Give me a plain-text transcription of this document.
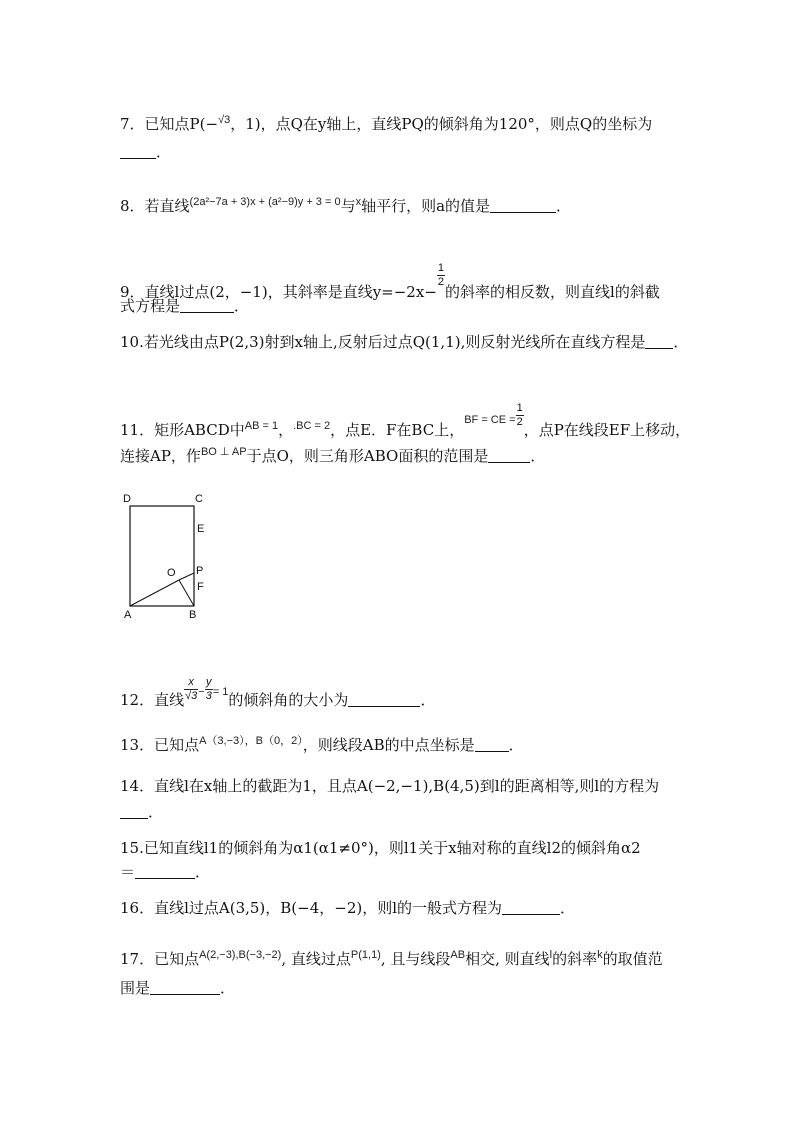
7．已知点P(−$^{√3}$，1)，点Q在y轴上，直线PQ的倾斜角为120°，则点Q的坐标为
．
8．若直线$^{(2a^2-7a + 3)x + (a^2-9)y + 3 = 0}$与$^x$轴平行，则a的值是	．
9．直线l过点(2，−1)，其斜率是直线y=−2x−
$\frac{1}{2}$
的斜率的相反数，则直线l的斜截
式方程是	．
10.若光线由点P(2,3)射到x轴上,反射后过点Q(1,1),则反射光线所在直线方程是 ．
11．矩形ABCD中$^{AB = 1}$，$^{.BC = 2}$，点E．F在BC上，$^{BF = CE =} \frac{1}{2}$
，点P在线段EF上移动，
连接AP，作$^{BO \perp AP}$于点O，则三角形ABO面积的范围是	．
D	C
E
O P
F
A	B
12．直线 $\frac{x}{√3} ^- \frac{y}{3} ^{= 1}$的倾斜角的大小为	．
13．已知点$^{A(3,-3),B(0,2)}$，则线段AB的中点坐标是 ．
14．直线l在x轴上的截距为1，且点A(−2,−1),B(4,5)到l的距离相等,则l的方程为
．
15.已知直线l1的倾斜角为α1(α1≠0°)，则l1关于x轴对称的直线l2的倾斜角α2
＝	．
16．直线l过点A(3,5)，B(−4，−2)，则l的一般式方程为	．
17．已知点$^{A(2,-3),B(-3,-2)}$, 直线过点$^{P(1,1)}$, 且与线段$^{AB}$相交, 则直线$^l$的斜率$^k$的取值范
围是	．
